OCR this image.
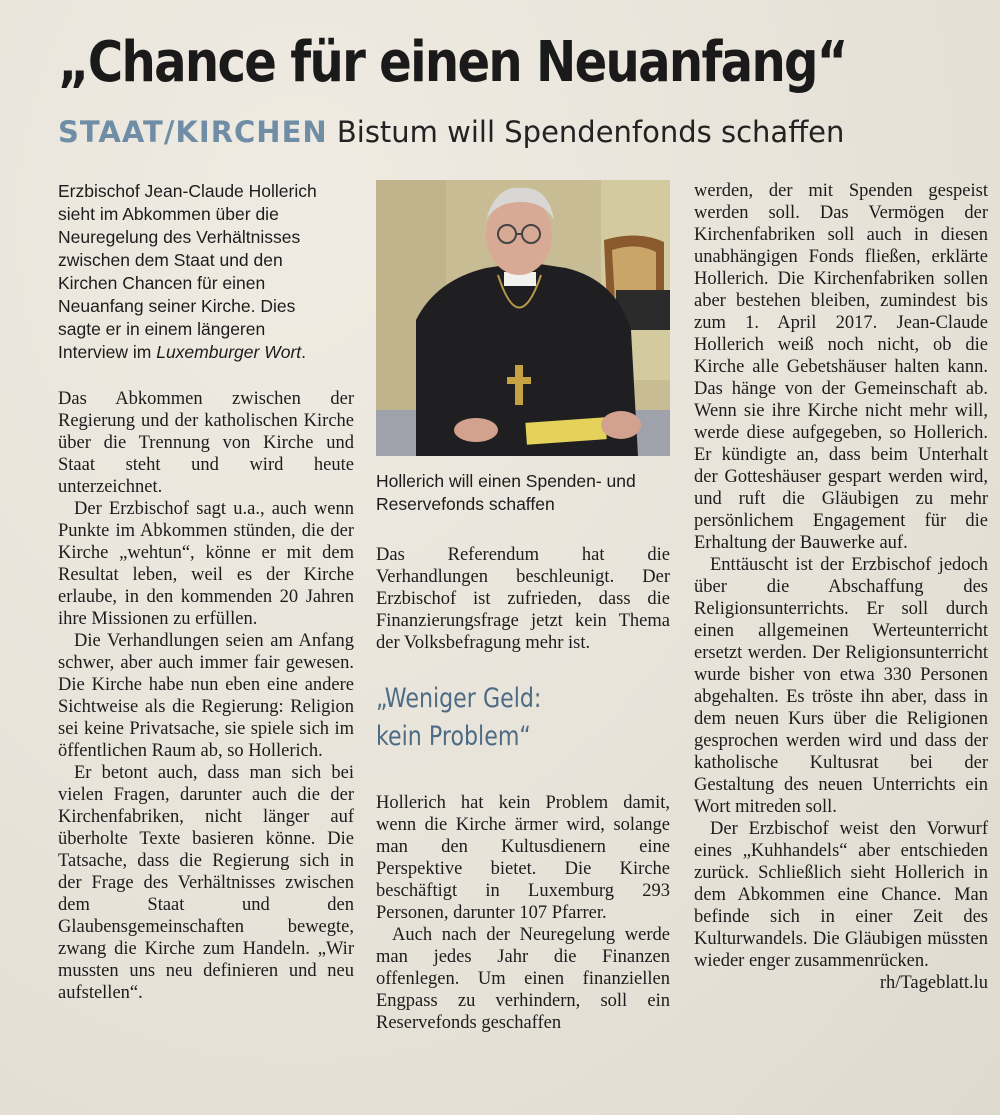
„Chance für einen Neuanfang“
STAAT/KIRCHEN Bistum will Spendenfonds schaffen

Erzbischof Jean-Claude Hollerich sieht im Abkommen über die Neuregelung des Verhältnisses zwischen dem Staat und den Kirchen Chancen für einen Neuanfang seiner Kirche. Dies sagte er in einem längeren Interview im Luxemburger Wort.

Das Abkommen zwischen der Regierung und der katholischen Kirche über die Trennung von Kirche und Staat steht und wird heute unterzeichnet.

Der Erzbischof sagt u.a., auch wenn Punkte im Abkommen stünden, die der Kirche „wehtun“, könne er mit dem Resultat leben, weil es der Kirche erlaube, in den kommenden 20 Jahren ihre Missionen zu erfüllen.

Die Verhandlungen seien am Anfang schwer, aber auch immer fair gewesen. Die Kirche habe nun eben eine andere Sichtweise als die Regierung: Religion sei keine Privatsache, sie spiele sich im öffentlichen Raum ab, so Hollerich.

Er betont auch, dass man sich bei vielen Fragen, darunter auch die der Kirchenfabriken, nicht länger auf überholte Texte basieren könne. Die Tatsache, dass die Regierung sich in der Frage des Verhältnisses zwischen dem Staat und den Glaubensgemeinschaften bewegte, zwang die Kirche zum Handeln. „Wir mussten uns neu definieren und neu aufstellen“.

Hollerich will einen Spenden- und Reservefonds schaffen

Das Referendum hat die Verhandlungen beschleunigt. Der Erzbischof ist zufrieden, dass die Finanzierungsfrage jetzt kein Thema der Volksbefragung mehr ist.

„Weniger Geld:
kein Problem“

Hollerich hat kein Problem damit, wenn die Kirche ärmer wird, solange man den Kultusdienern eine Perspektive bietet. Die Kirche beschäftigt in Luxemburg 293 Personen, darunter 107 Pfarrer.

Auch nach der Neuregelung werde man jedes Jahr die Finanzen offenlegen. Um einen finanziellen Engpass zu verhindern, soll ein Reservefonds geschaffen

werden, der mit Spenden gespeist werden soll. Das Vermögen der Kirchenfabriken soll auch in diesen unabhängigen Fonds fließen, erklärte Hollerich. Die Kirchenfabriken sollen aber bestehen bleiben, zumindest bis zum 1. April 2017. Jean-Claude Hollerich weiß noch nicht, ob die Kirche alle Gebetshäuser halten kann. Das hänge von der Gemeinschaft ab. Wenn sie ihre Kirche nicht mehr will, werde diese aufgegeben, so Hollerich. Er kündigte an, dass beim Unterhalt der Gotteshäuser gespart werden wird, und ruft die Gläubigen zu mehr persönlichem Engagement für die Erhaltung der Bauwerke auf.

Enttäuscht ist der Erzbischof jedoch über die Abschaffung des Religionsunterrichts. Er soll durch einen allgemeinen Werteunterricht ersetzt werden. Der Religionsunterricht wurde bisher von etwa 330 Personen abgehalten. Es tröste ihn aber, dass in dem neuen Kurs über die Religionen gesprochen werden wird und dass der katholische Kultusrat bei der Gestaltung des neuen Unterrichts ein Wort mitreden soll.

Der Erzbischof weist den Vorwurf eines „Kuhhandels“ aber entschieden zurück. Schließlich sieht Hollerich in dem Abkommen eine Chance. Man befinde sich in einer Zeit des Kulturwandels. Die Gläubigen müssten wieder enger zusammenrücken.

rh/Tageblatt.lu
